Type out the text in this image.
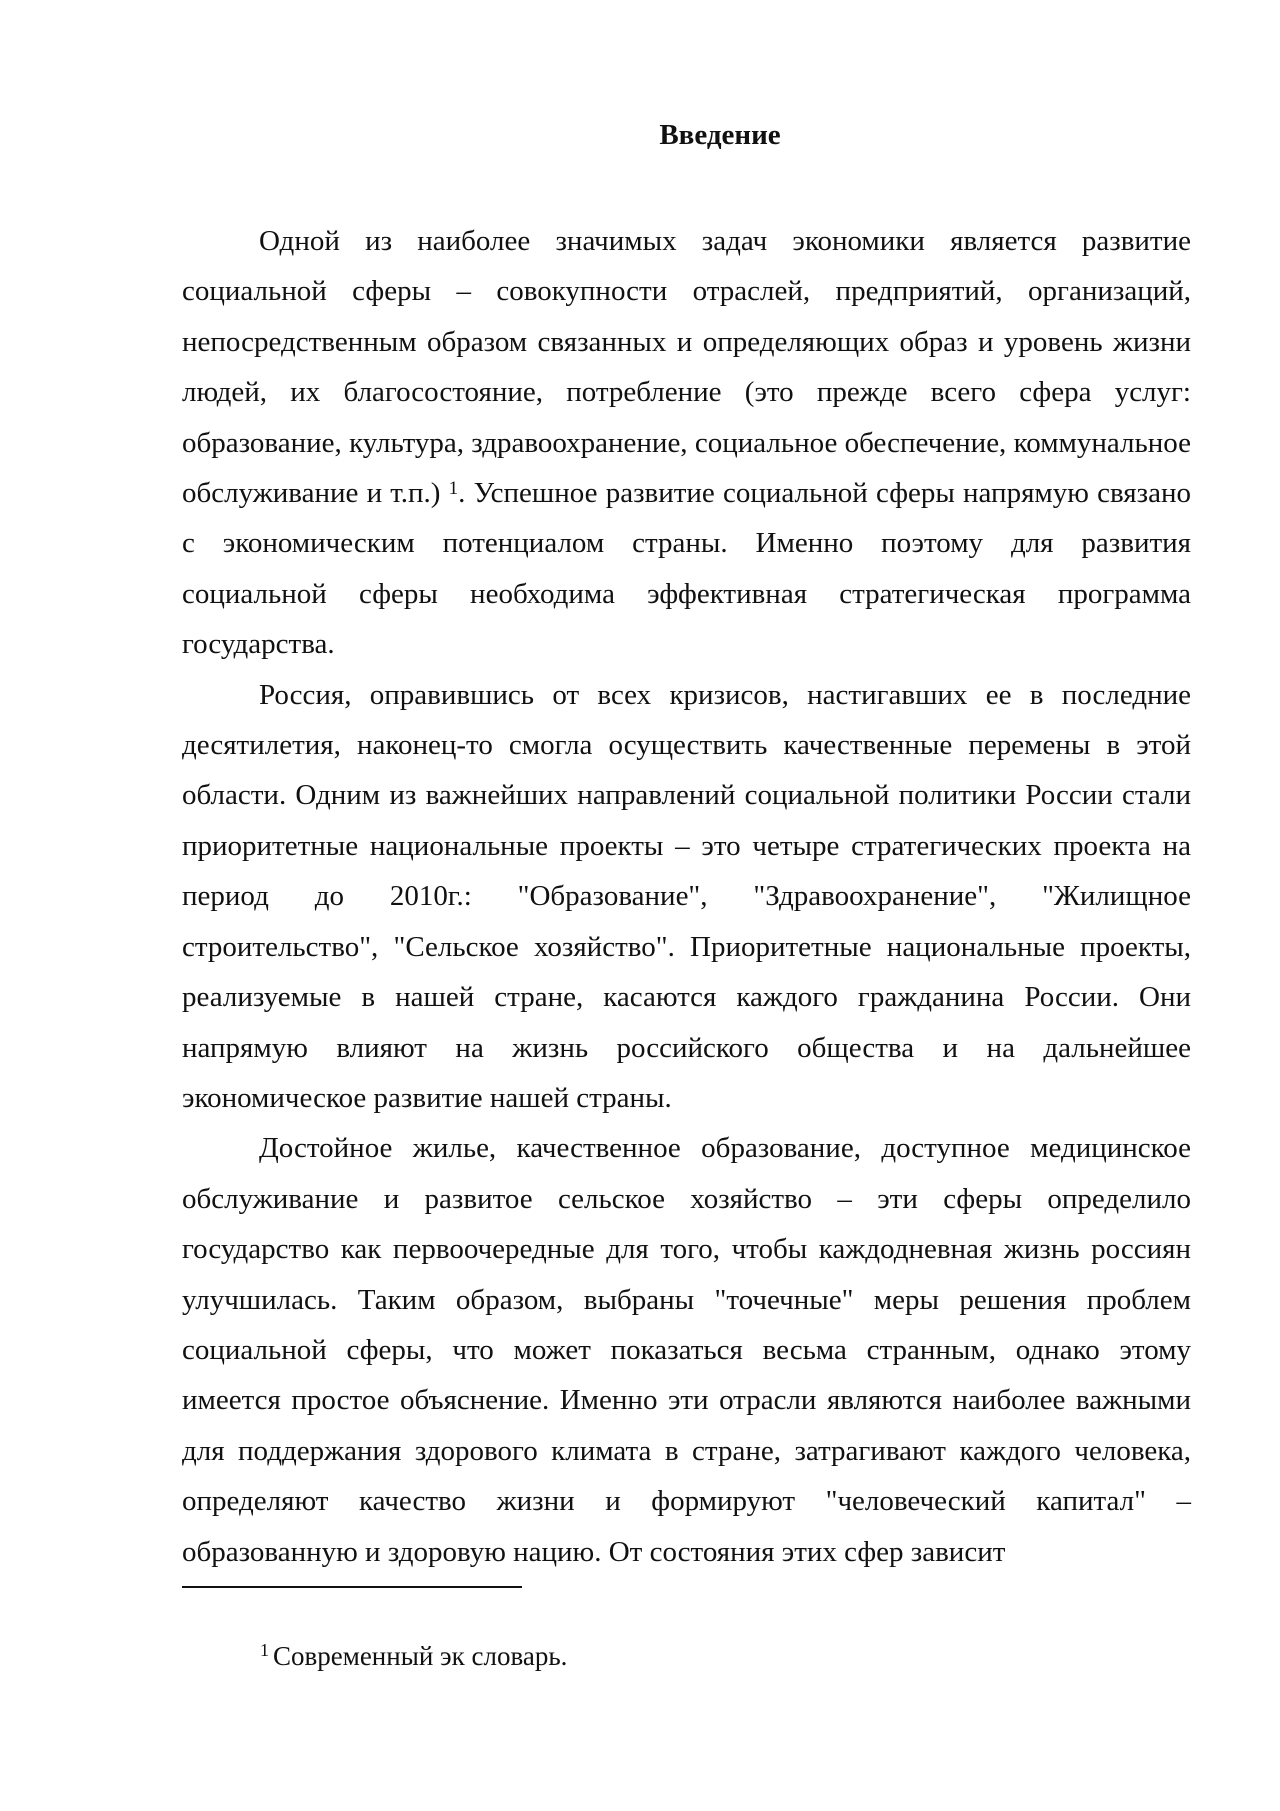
Введение

Одной из наиболее значимых задач экономики является развитие социальной сферы – совокупности отраслей, предприятий, организаций, непосредственным образом связанных и определяющих образ и уровень жизни людей, их благосостояние, потребление (это прежде всего сфера услуг: образование, культура, здравоохранение, социальное обеспечение, коммунальное обслуживание и т.п.) $^1$. Успешное развитие социальной сферы напрямую связано с экономическим потенциалом страны. Именно поэтому для развития социальной сферы необходима эффективная стратегическая программа государства.

Россия, оправившись от всех кризисов, настигавших ее в последние десятилетия, наконец-то смогла осуществить качественные перемены в этой области. Одним из важнейших направлений социальной политики России стали приоритетные национальные проекты – это четыре стратегических проекта на период до 2010г.: "Образование", "Здравоохранение", "Жилищное строительство", "Сельское хозяйство". Приоритетные национальные проекты, реализуемые в нашей стране, касаются каждого гражданина России. Они напрямую влияют на жизнь российского общества и на дальнейшее экономическое развитие нашей страны.

Достойное жилье, качественное образование, доступное медицинское обслуживание и развитое сельское хозяйство – эти сферы определило государство как первоочередные для того, чтобы каждодневная жизнь россиян улучшилась. Таким образом, выбраны "точечные" меры решения проблем социальной сферы, что может показаться весьма странным, однако этому имеется простое объяснение. Именно эти отрасли являются наиболее важными для поддержания здорового климата в стране, затрагивают каждого человека, определяют качество жизни и формируют "человеческий капитал" – образованную и здоровую нацию. От состояния этих сфер зависит

$^1$ Современный эк словарь.
